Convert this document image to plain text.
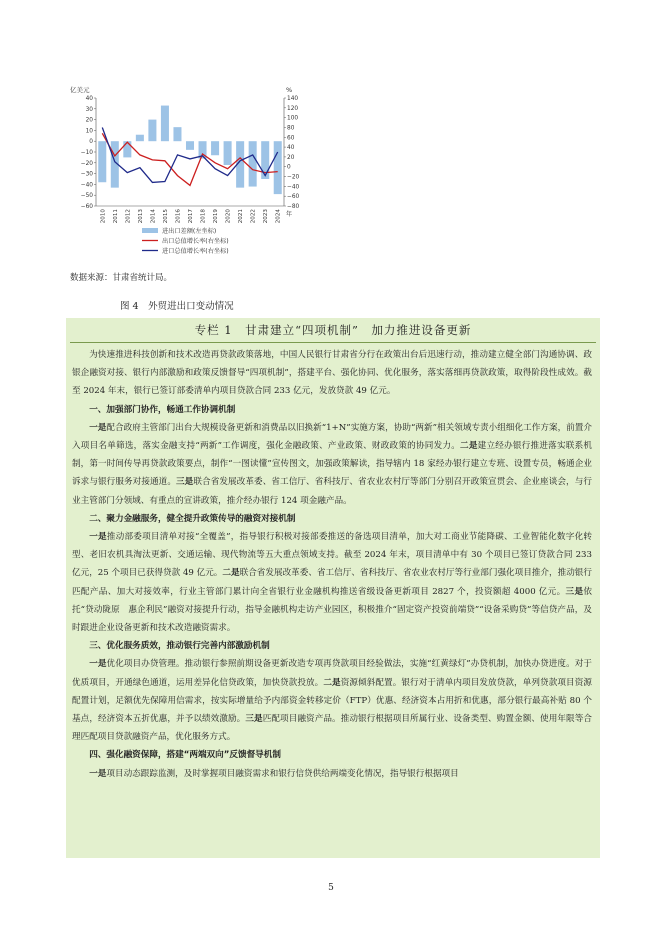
亿美元	%
40
30
20
10
0
−10
−20
−30
−40
−50
−60
140
120
100
80
60
40
20
0
−20
−40
−60
−80
2010 2011 2012 2013 2014 2015 2016 2017 2018 2019 2020 2021 2022 2023 2024 年
进出口差额(左坐标)
出口总值增长率(右坐标)
进口总值增长率(右坐标)
数据来源：甘肃省统计局。
图 4　外贸进出口变动情况
专栏 1　甘肃建立“四项机制”　加力推进设备更新

为快速推进科技创新和技术改造再贷款政策落地，中国人民银行甘肃省分行在政策出台后迅速行动，推动建立健全部门沟通协调、政银企融资对接、银行内部激励和政策反馈督导“四项机制”，搭建平台、强化协同、优化服务，落实落细再贷款政策，取得阶段性成效。截至 2024 年末，银行已签订部委清单内项目贷款合同 233 亿元，发放贷款 49 亿元。

一、加强部门协作，畅通工作协调机制

一是配合政府主管部门出台大规模设备更新和消费品以旧换新“1+N”实施方案，协助“两新”相关领域专责小组细化工作方案，前置介入项目名单筛选，落实金融支持“两新”工作调度，强化金融政策、产业政策、财政政策的协同发力。二是建立经办银行推进落实联系机制，第一时间传导再贷款政策要点，制作“一图读懂”宣传图文，加强政策解读，指导辖内 18 家经办银行建立专班、设置专员，畅通企业诉求与银行服务对接通道。三是联合省发展改革委、省工信厅、省科技厅、省农业农村厅等部门分别召开政策宣贯会、企业座谈会，与行业主管部门分领域、有重点的宣讲政策，推介经办银行 124 项金融产品。

二、聚力金融服务，健全提升政策传导的融资对接机制

一是推动部委项目清单对接“全覆盖”，指导银行积极对接部委推送的备选项目清单，加大对工商业节能降碳、工业智能化数字化转型、老旧农机具淘汰更新、交通运输、现代物流等五大重点领域支持。截至 2024 年末，项目清单中有 30 个项目已签订贷款合同 233 亿元，25 个项目已获得贷款 49 亿元。二是联合省发展改革委、省工信厅、省科技厅、省农业农村厅等行业部门强化项目推介，推动银行匹配产品、加大对接效率，行业主管部门累计向全省银行业金融机构推送省级设备更新项目 2827 个，投资额超 4000 亿元。三是依托“贷动陇原　惠企利民”融资对接提升行动，指导金融机构走访产业园区，积极推介“固定资产投资前端贷”“设备采购贷”等信贷产品，及时跟进企业设备更新和技术改造融资需求。

三、优化服务质效，推动银行完善内部激励机制

一是优化项目办贷管理。推动银行参照前期设备更新改造专项再贷款项目经验做法，实施“红黄绿灯”办贷机制，加快办贷进度。对于优质项目，开通绿色通道，运用差异化信贷政策，加快贷款投放。二是资源倾斜配置。银行对于清单内项目发放贷款，单列贷款项目资源配置计划，足额优先保障用信需求，按实际增量给予内部资金转移定价（FTP）优惠、经济资本占用折和优惠，部分银行最高补贴 80 个基点，经济资本五折优惠，并予以绩效激励。三是匹配项目融资产品。推动银行根据项目所属行业、设备类型、购置金额、使用年限等合理匹配项目贷款融资产品，优化服务方式。

四、强化融资保障，搭建“两端双向”反馈督导机制

一是项目动态跟踪监测，及时掌握项目融资需求和银行信贷供给两端变化情况，指导银行根据项目

5
